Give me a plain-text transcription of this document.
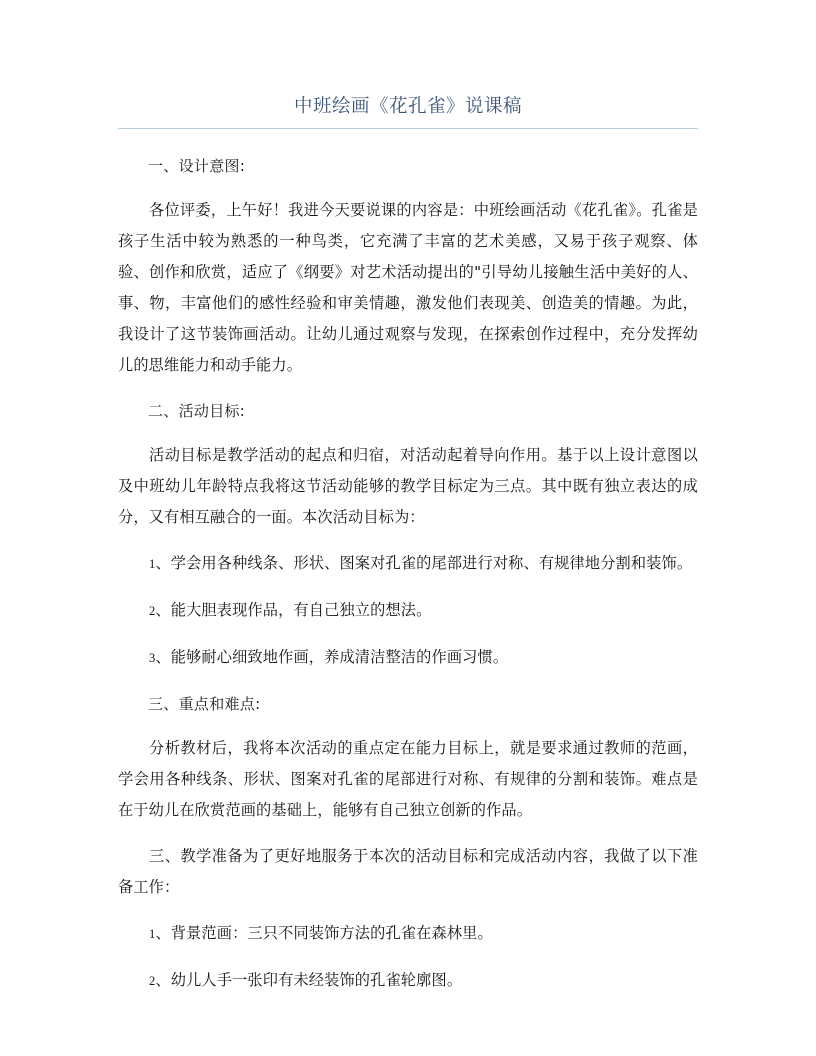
中班绘画《花孔雀》说课稿

一、设计意图:

各位评委，上午好！我进今天要说课的内容是：中班绘画活动《花孔雀》。孔雀是孩子生活中较为熟悉的一种鸟类，它充满了丰富的艺术美感，又易于孩子观察、体验、创作和欣赏，适应了《纲要》对艺术活动提出的"引导幼儿接触生活中美好的人、事、物，丰富他们的感性经验和审美情趣，激发他们表现美、创造美的情趣。为此，我设计了这节装饰画活动。让幼儿通过观察与发现，在探索创作过程中，充分发挥幼儿的思维能力和动手能力。

二、活动目标:

活动目标是教学活动的起点和归宿，对活动起着导向作用。基于以上设计意图以及中班幼儿年龄特点我将这节活动能够的教学目标定为三点。其中既有独立表达的成分，又有相互融合的一面。本次活动目标为：

1、学会用各种线条、形状、图案对孔雀的尾部进行对称、有规律地分割和装饰。

2、能大胆表现作品，有自己独立的想法。

3、能够耐心细致地作画，养成清洁整洁的作画习惯。

三、重点和难点:

分析教材后，我将本次活动的重点定在能力目标上，就是要求通过教师的范画，学会用各种线条、形状、图案对孔雀的尾部进行对称、有规律的分割和装饰。难点是在于幼儿在欣赏范画的基础上，能够有自己独立创新的作品。

三、教学准备为了更好地服务于本次的活动目标和完成活动内容，我做了以下准备工作：

1、背景范画：三只不同装饰方法的孔雀在森林里。

2、幼儿人手一张印有未经装饰的孔雀轮廓图。
